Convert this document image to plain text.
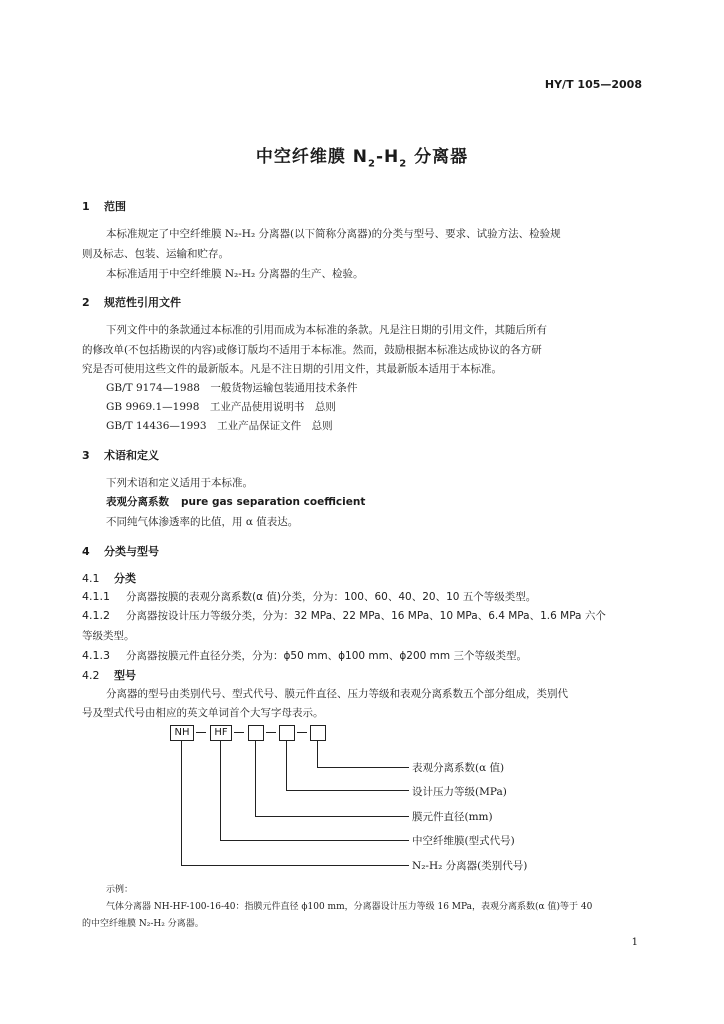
HY/T 105—2008
中空纤维膜 $N_2-H_2$ 分离器
1 范围
本标准规定了中空纤维膜 N₂-H₂ 分离器(以下简称分离器)的分类与型号、要求、试验方法、检验规
则及标志、包装、运输和贮存。
本标准适用于中空纤维膜 N₂-H₂ 分离器的生产、检验。
2 规范性引用文件
下列文件中的条款通过本标准的引用而成为本标准的条款。凡是注日期的引用文件，其随后所有
的修改单(不包括勘误的内容)或修订版均不适用于本标准。然而，鼓励根据本标准达成协议的各方研
究是否可使用这些文件的最新版本。凡是不注日期的引用文件，其最新版本适用于本标准。
GB/T 9174—1988　一般货物运输包装通用技术条件
GB 9969.1—1998　工业产品使用说明书　总则
GB/T 14436—1993　工业产品保证文件　总则
3 术语和定义
下列术语和定义适用于本标准。
表观分离系数 pure gas separation coefficient
不同纯气体渗透率的比值，用 α 值表达。
4 分类与型号
4.1 分类
4.1.1 分离器按膜的表观分离系数(α 值)分类，分为：100、60、40、20、10 五个等级类型。
4.1.2 分离器按设计压力等级分类，分为：32 MPa、22 MPa、16 MPa、10 MPa、6.4 MPa、1.6 MPa 六个
等级类型。
4.1.3 分离器按膜元件直径分类，分为：ϕ50 mm、ϕ100 mm、ϕ200 mm 三个等级类型。
4.2 型号
分离器的型号由类别代号、型式代号、膜元件直径、压力等级和表观分离系数五个部分组成，类别代
号及型式代号由相应的英文单词首个大写字母表示。
NH	HF
表观分离系数(α 值)
设计压力等级(MPa)
膜元件直径(mm)
中空纤维膜(型式代号)
N₂-H₂ 分离器(类别代号)
示例：
气体分离器 NH-HF-100-16-40：指膜元件直径 ϕ100 mm，分离器设计压力等级 16 MPa，表观分离系数(α 值)等于 40
的中空纤维膜 N₂-H₂ 分离器。
1
